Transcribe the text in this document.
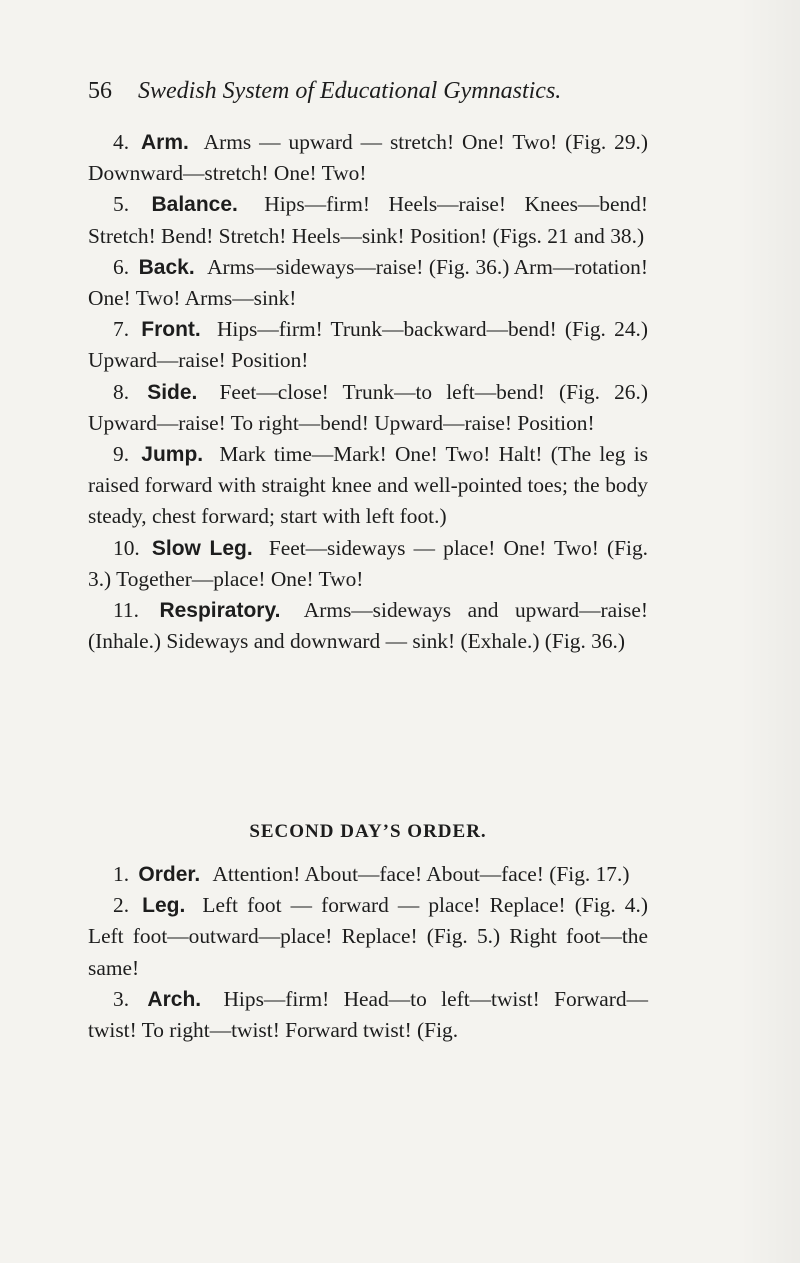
56 Swedish System of Educational Gymnastics.

4. Arm. Arms — upward — stretch! One! Two! (Fig. 29.) Downward—stretch! One! Two!

5. Balance. Hips—firm! Heels—raise! Knees—bend! Stretch! Bend! Stretch! Heels—sink! Position! (Figs. 21 and 38.)

6. Back. Arms—sideways—raise! (Fig. 36.) Arm—rotation! One! Two! Arms—sink!

7. Front. Hips—firm! Trunk—backward—bend! (Fig. 24.) Upward—raise! Position!

8. Side. Feet—close! Trunk—to left—bend! (Fig. 26.) Upward—raise! To right—bend! Upward—raise! Position!

9. Jump. Mark time—Mark! One! Two! Halt! (The leg is raised forward with straight knee and well-pointed toes; the body steady, chest forward; start with left foot.)

10. Slow Leg. Feet—sideways — place! One! Two! (Fig. 3.) Together—place! One! Two!

11. Respiratory. Arms—sideways and upward—raise! (Inhale.) Sideways and downward — sink! (Exhale.) (Fig. 36.)

SECOND DAY’S ORDER.

1. Order. Attention! About—face! About—face! (Fig. 17.)

2. Leg. Left foot — forward — place! Replace! (Fig. 4.) Left foot—outward—place! Replace! (Fig. 5.) Right foot—the same!

3. Arch. Hips—firm! Head—to left—twist! Forward—twist! To right—twist! Forward twist! (Fig.
